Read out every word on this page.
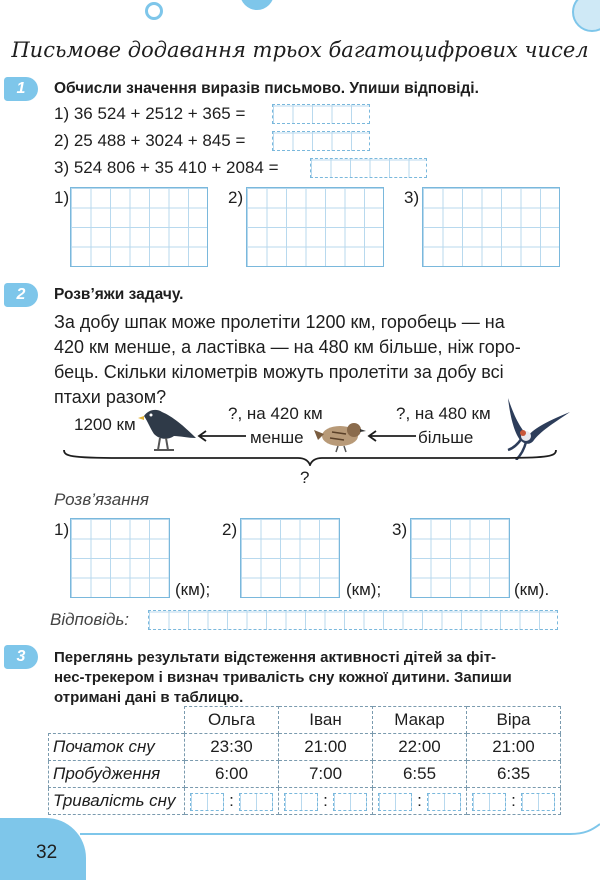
Письмове додавання трьох багатоцифрових чисел
1	Обчисли значення виразів письмово. Упиши відповіді.
1) 36 524 + 2512 + 365 =
2) 25 488 + 3024 + 845 =
3) 524 806 + 35 410 + 2084 =
1)	2)	3)
2	Розв’яжи задачу.
За добу шпак може пролетіти 1200 км, горобець — на
420 км менше, а ластівка — на 480 км більше, ніж горо-
бець. Скільки кілометрів можуть пролетіти за добу всі
птахи разом?
1200 км
?, на 420 км
менше
?, на 480 км
більше
?
Розв’язання
1)
(км);
2)
(км);
3)
(км).
Відповідь:
3	Переглянь результати відстеження активності дітей за фіт-
нес-трекером і визнач тривалість сну кожної дитини. Запиши
отримані дані в таблицю.
	Ольга	Іван	Макар	Віра
Початок сну	23:30	21:00	22:00	21:00
Пробудження	6:00	7:00	6:55	6:35
Тривалість сну	:	:	:	:
32
